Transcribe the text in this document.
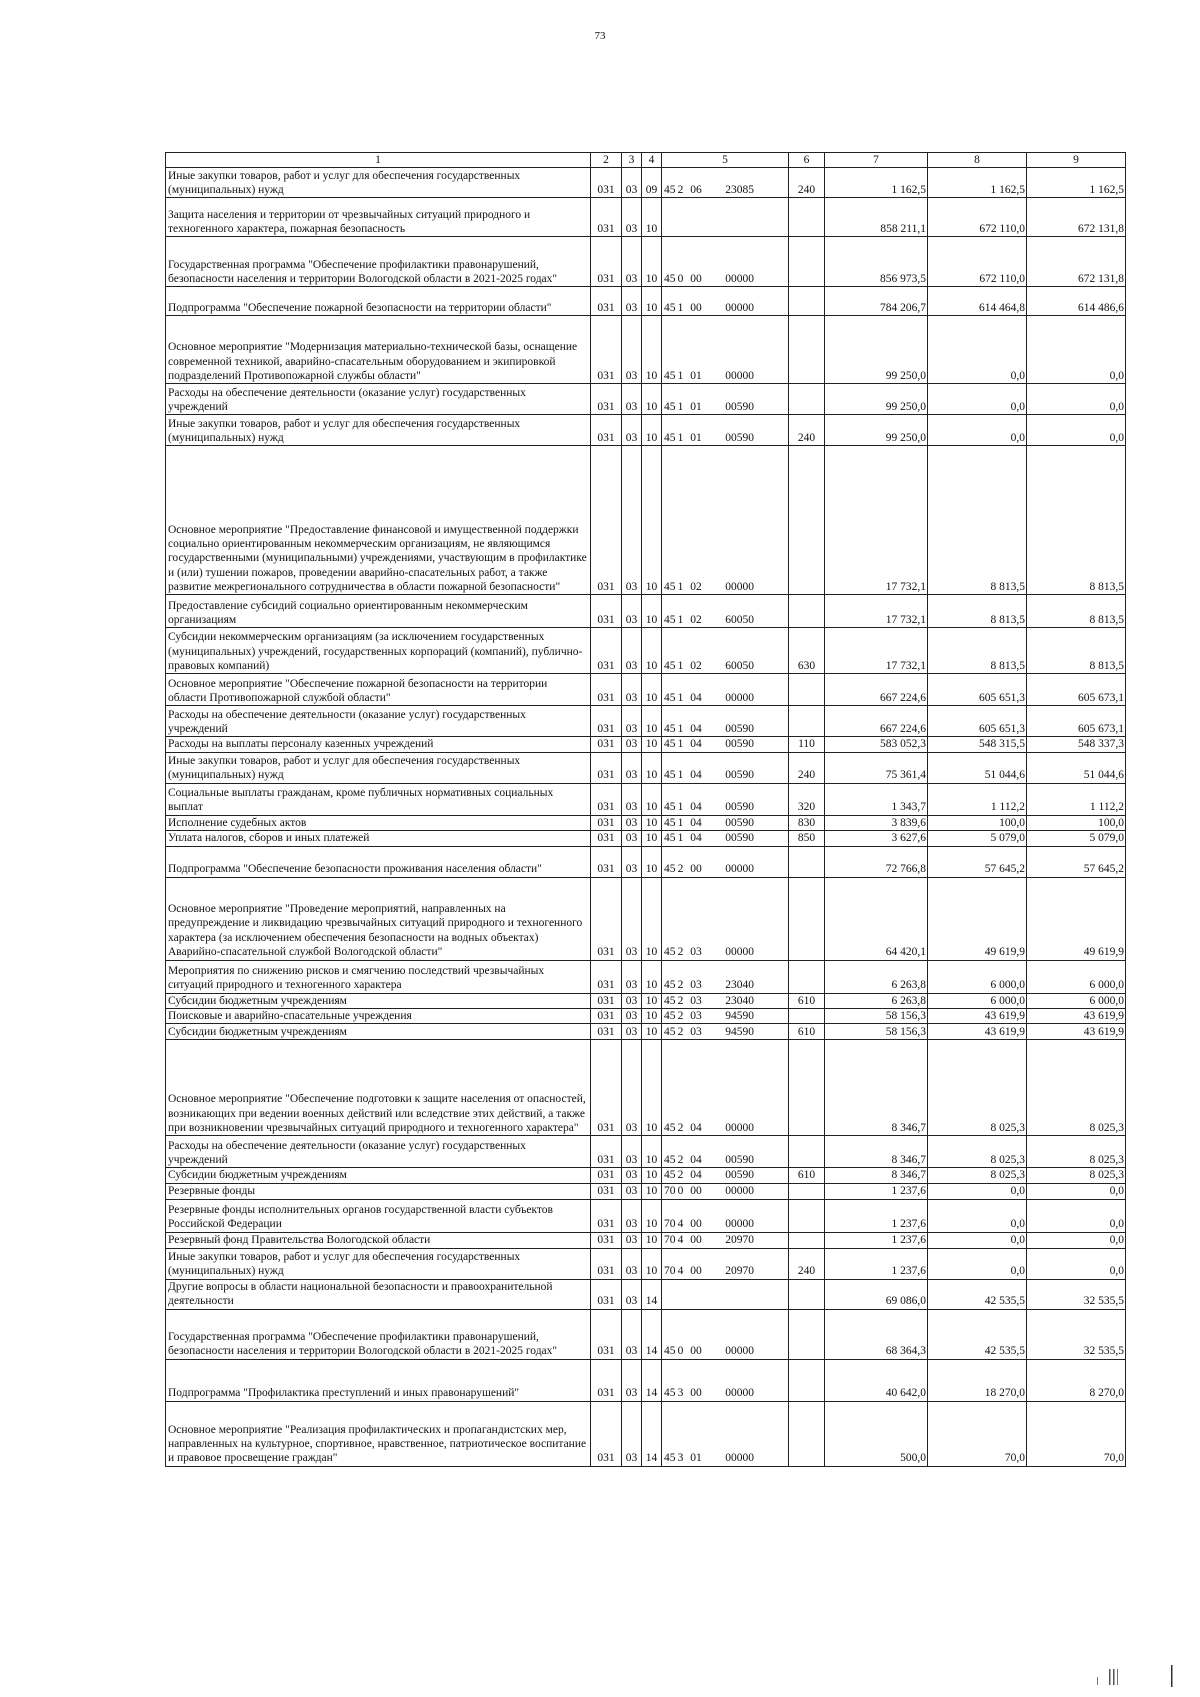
73
1	2	3	4	5	6	7	8	9
Иные закупки товаров, работ и услуг для обеспечения государственных (муниципальных) нужд	031	03	09	45 2 06 23085	240	1 162,5	1 162,5	1 162,5
Защита населения и территории от чрезвычайных ситуаций природного и техногенного характера, пожарная безопасность	031	03	10			858 211,1	672 110,0	672 131,8
Государственная программа "Обеспечение профилактики правонарушений, безопасности населения и территории Вологодской области в 2021-2025 годах"	031	03	10	45 0 00 00000		856 973,5	672 110,0	672 131,8
Подпрограмма "Обеспечение пожарной безопасности на территории области"	031	03	10	45 1 00 00000		784 206,7	614 464,8	614 486,6
Основное мероприятие "Модернизация материально-технической базы, оснащение современной техникой, аварийно-спасательным оборудованием и экипировкой подразделений Противопожарной службы области"	031	03	10	45 1 01 00000		99 250,0	0,0	0,0
Расходы на обеспечение деятельности (оказание услуг) государственных учреждений	031	03	10	45 1 01 00590		99 250,0	0,0	0,0
Иные закупки товаров, работ и услуг для обеспечения государственных (муниципальных) нужд	031	03	10	45 1 01 00590	240	99 250,0	0,0	0,0
Основное мероприятие "Предоставление финансовой и имущественной поддержки социально ориентированным некоммерческим организациям, не являющимся государственными (муниципальными) учреждениями, участвующим в профилактике и (или) тушении пожаров, проведении аварийно-спасательных работ, а также развитие межрегионального сотрудничества в области пожарной безопасности"	031	03	10	45 1 02 00000		17 732,1	8 813,5	8 813,5
Предоставление субсидий социально ориентированным некоммерческим организациям	031	03	10	45 1 02 60050		17 732,1	8 813,5	8 813,5
Субсидии некоммерческим организациям (за исключением государственных (муниципальных) учреждений, государственных корпораций (компаний), публично-правовых компаний)	031	03	10	45 1 02 60050	630	17 732,1	8 813,5	8 813,5
Основное мероприятие "Обеспечение пожарной безопасности на территории области Противопожарной службой области"	031	03	10	45 1 04 00000		667 224,6	605 651,3	605 673,1
Расходы на обеспечение деятельности (оказание услуг) государственных учреждений	031	03	10	45 1 04 00590		667 224,6	605 651,3	605 673,1
Расходы на выплаты персоналу казенных учреждений	031	03	10	45 1 04 00590	110	583 052,3	548 315,5	548 337,3
Иные закупки товаров, работ и услуг для обеспечения государственных (муниципальных) нужд	031	03	10	45 1 04 00590	240	75 361,4	51 044,6	51 044,6
Социальные выплаты гражданам, кроме публичных нормативных социальных выплат	031	03	10	45 1 04 00590	320	1 343,7	1 112,2	1 112,2
Исполнение судебных актов	031	03	10	45 1 04 00590	830	3 839,6	100,0	100,0
Уплата налогов, сборов и иных платежей	031	03	10	45 1 04 00590	850	3 627,6	5 079,0	5 079,0
Подпрограмма "Обеспечение безопасности проживания населения области"	031	03	10	45 2 00 00000		72 766,8	57 645,2	57 645,2
Основное мероприятие "Проведение мероприятий, направленных на предупреждение и ликвидацию чрезвычайных ситуаций природного и техногенного характера (за исключением обеспечения безопасности на водных объектах) Аварийно-спасательной службой Вологодской области"	031	03	10	45 2 03 00000		64 420,1	49 619,9	49 619,9
Мероприятия по снижению рисков и смягчению последствий чрезвычайных ситуаций природного и техногенного характера	031	03	10	45 2 03 23040		6 263,8	6 000,0	6 000,0
Субсидии бюджетным учреждениям	031	03	10	45 2 03 23040	610	6 263,8	6 000,0	6 000,0
Поисковые и аварийно-спасательные учреждения	031	03	10	45 2 03 94590		58 156,3	43 619,9	43 619,9
Субсидии бюджетным учреждениям	031	03	10	45 2 03 94590	610	58 156,3	43 619,9	43 619,9
Основное мероприятие "Обеспечение подготовки к защите населения от опасностей, возникающих при ведении военных действий или вследствие этих действий, а также при возникновении чрезвычайных ситуаций природного и техногенного характера"	031	03	10	45 2 04 00000		8 346,7	8 025,3	8 025,3
Расходы на обеспечение деятельности (оказание услуг) государственных учреждений	031	03	10	45 2 04 00590		8 346,7	8 025,3	8 025,3
Субсидии бюджетным учреждениям	031	03	10	45 2 04 00590	610	8 346,7	8 025,3	8 025,3
Резервные фонды	031	03	10	70 0 00 00000		1 237,6	0,0	0,0
Резервные фонды исполнительных органов государственной власти субъектов Российской Федерации	031	03	10	70 4 00 00000		1 237,6	0,0	0,0
Резервный фонд Правительства Вологодской области	031	03	10	70 4 00 20970		1 237,6	0,0	0,0
Иные закупки товаров, работ и услуг для обеспечения государственных (муниципальных) нужд	031	03	10	70 4 00 20970	240	1 237,6	0,0	0,0
Другие вопросы в области национальной безопасности и правоохранительной деятельности	031	03	14			69 086,0	42 535,5	32 535,5
Государственная программа "Обеспечение профилактики правонарушений, безопасности населения и территории Вологодской области в 2021-2025 годах"	031	03	14	45 0 00 00000		68 364,3	42 535,5	32 535,5
Подпрограмма "Профилактика преступлений и иных правонарушений"	031	03	14	45 3 00 00000		40 642,0	18 270,0	8 270,0
Основное мероприятие "Реализация профилактических и пропагандистских мер, направленных на культурное, спортивное, нравственное, патриотическое воспитание и правовое просвещение граждан"	031	03	14	45 3 01 00000		500,0	70,0	70,0
